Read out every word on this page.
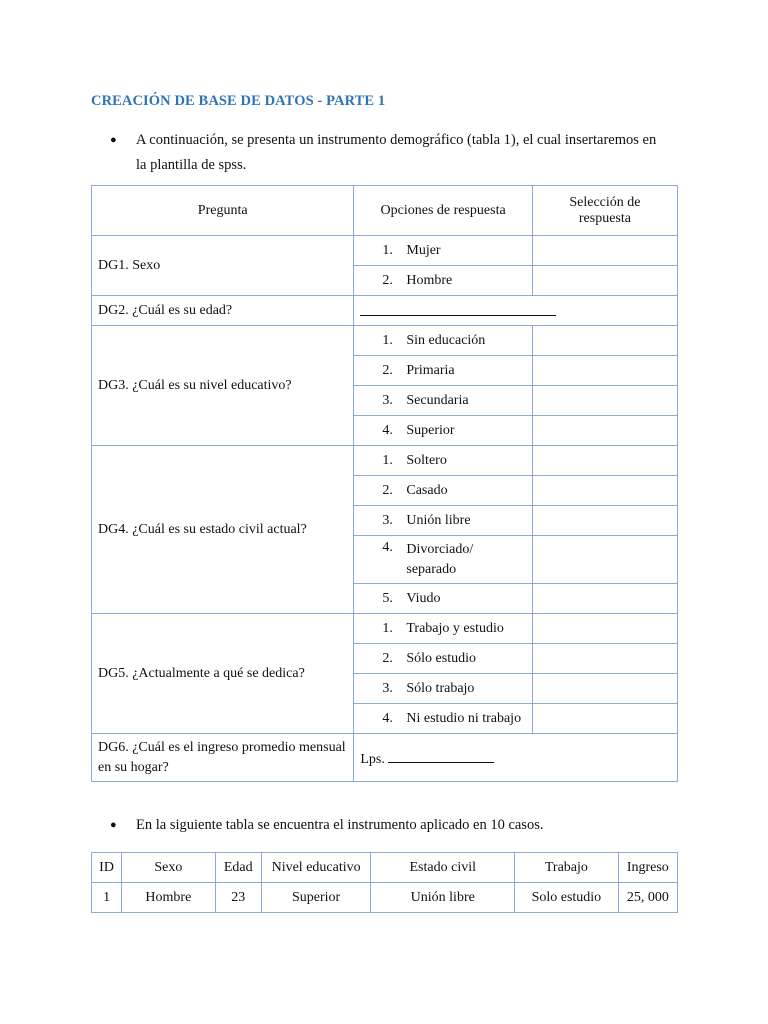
CREACIÓN DE BASE DE DATOS - PARTE 1
● A continuación, se presenta un instrumento demográfico (tabla 1), el cual insertaremos en
la plantilla de spss.
Pregunta	Opciones de respuesta	Selección de respuesta
DG1. Sexo	1. Mujer	

	2. Hombre	
DG2. ¿Cuál es su edad?		
DG3. ¿Cuál es su nivel educativo?	1. Sin educación	

	2. Primaria	

	3. Secundaria	

	4. Superior	
DG4. ¿Cuál es su estado civil actual?	1. Soltero	

	2. Casado	

	3. Unión libre	

	4. Divorciado/ separado	

	5. Viudo	
DG5. ¿Actualmente a qué se dedica?	1. Trabajo y estudio	

	2. Sólo estudio	

	3. Sólo trabajo	

	4. Ni estudio ni trabajo	
DG6. ¿Cuál es el ingreso promedio mensual en su hogar?	Lps.	
● En la siguiente tabla se encuentra el instrumento aplicado en 10 casos.
ID	Sexo	Edad	Nivel educativo	Estado civil	Trabajo	Ingreso
1	Hombre	23	Superior	Unión libre	Solo estudio	25, 000
